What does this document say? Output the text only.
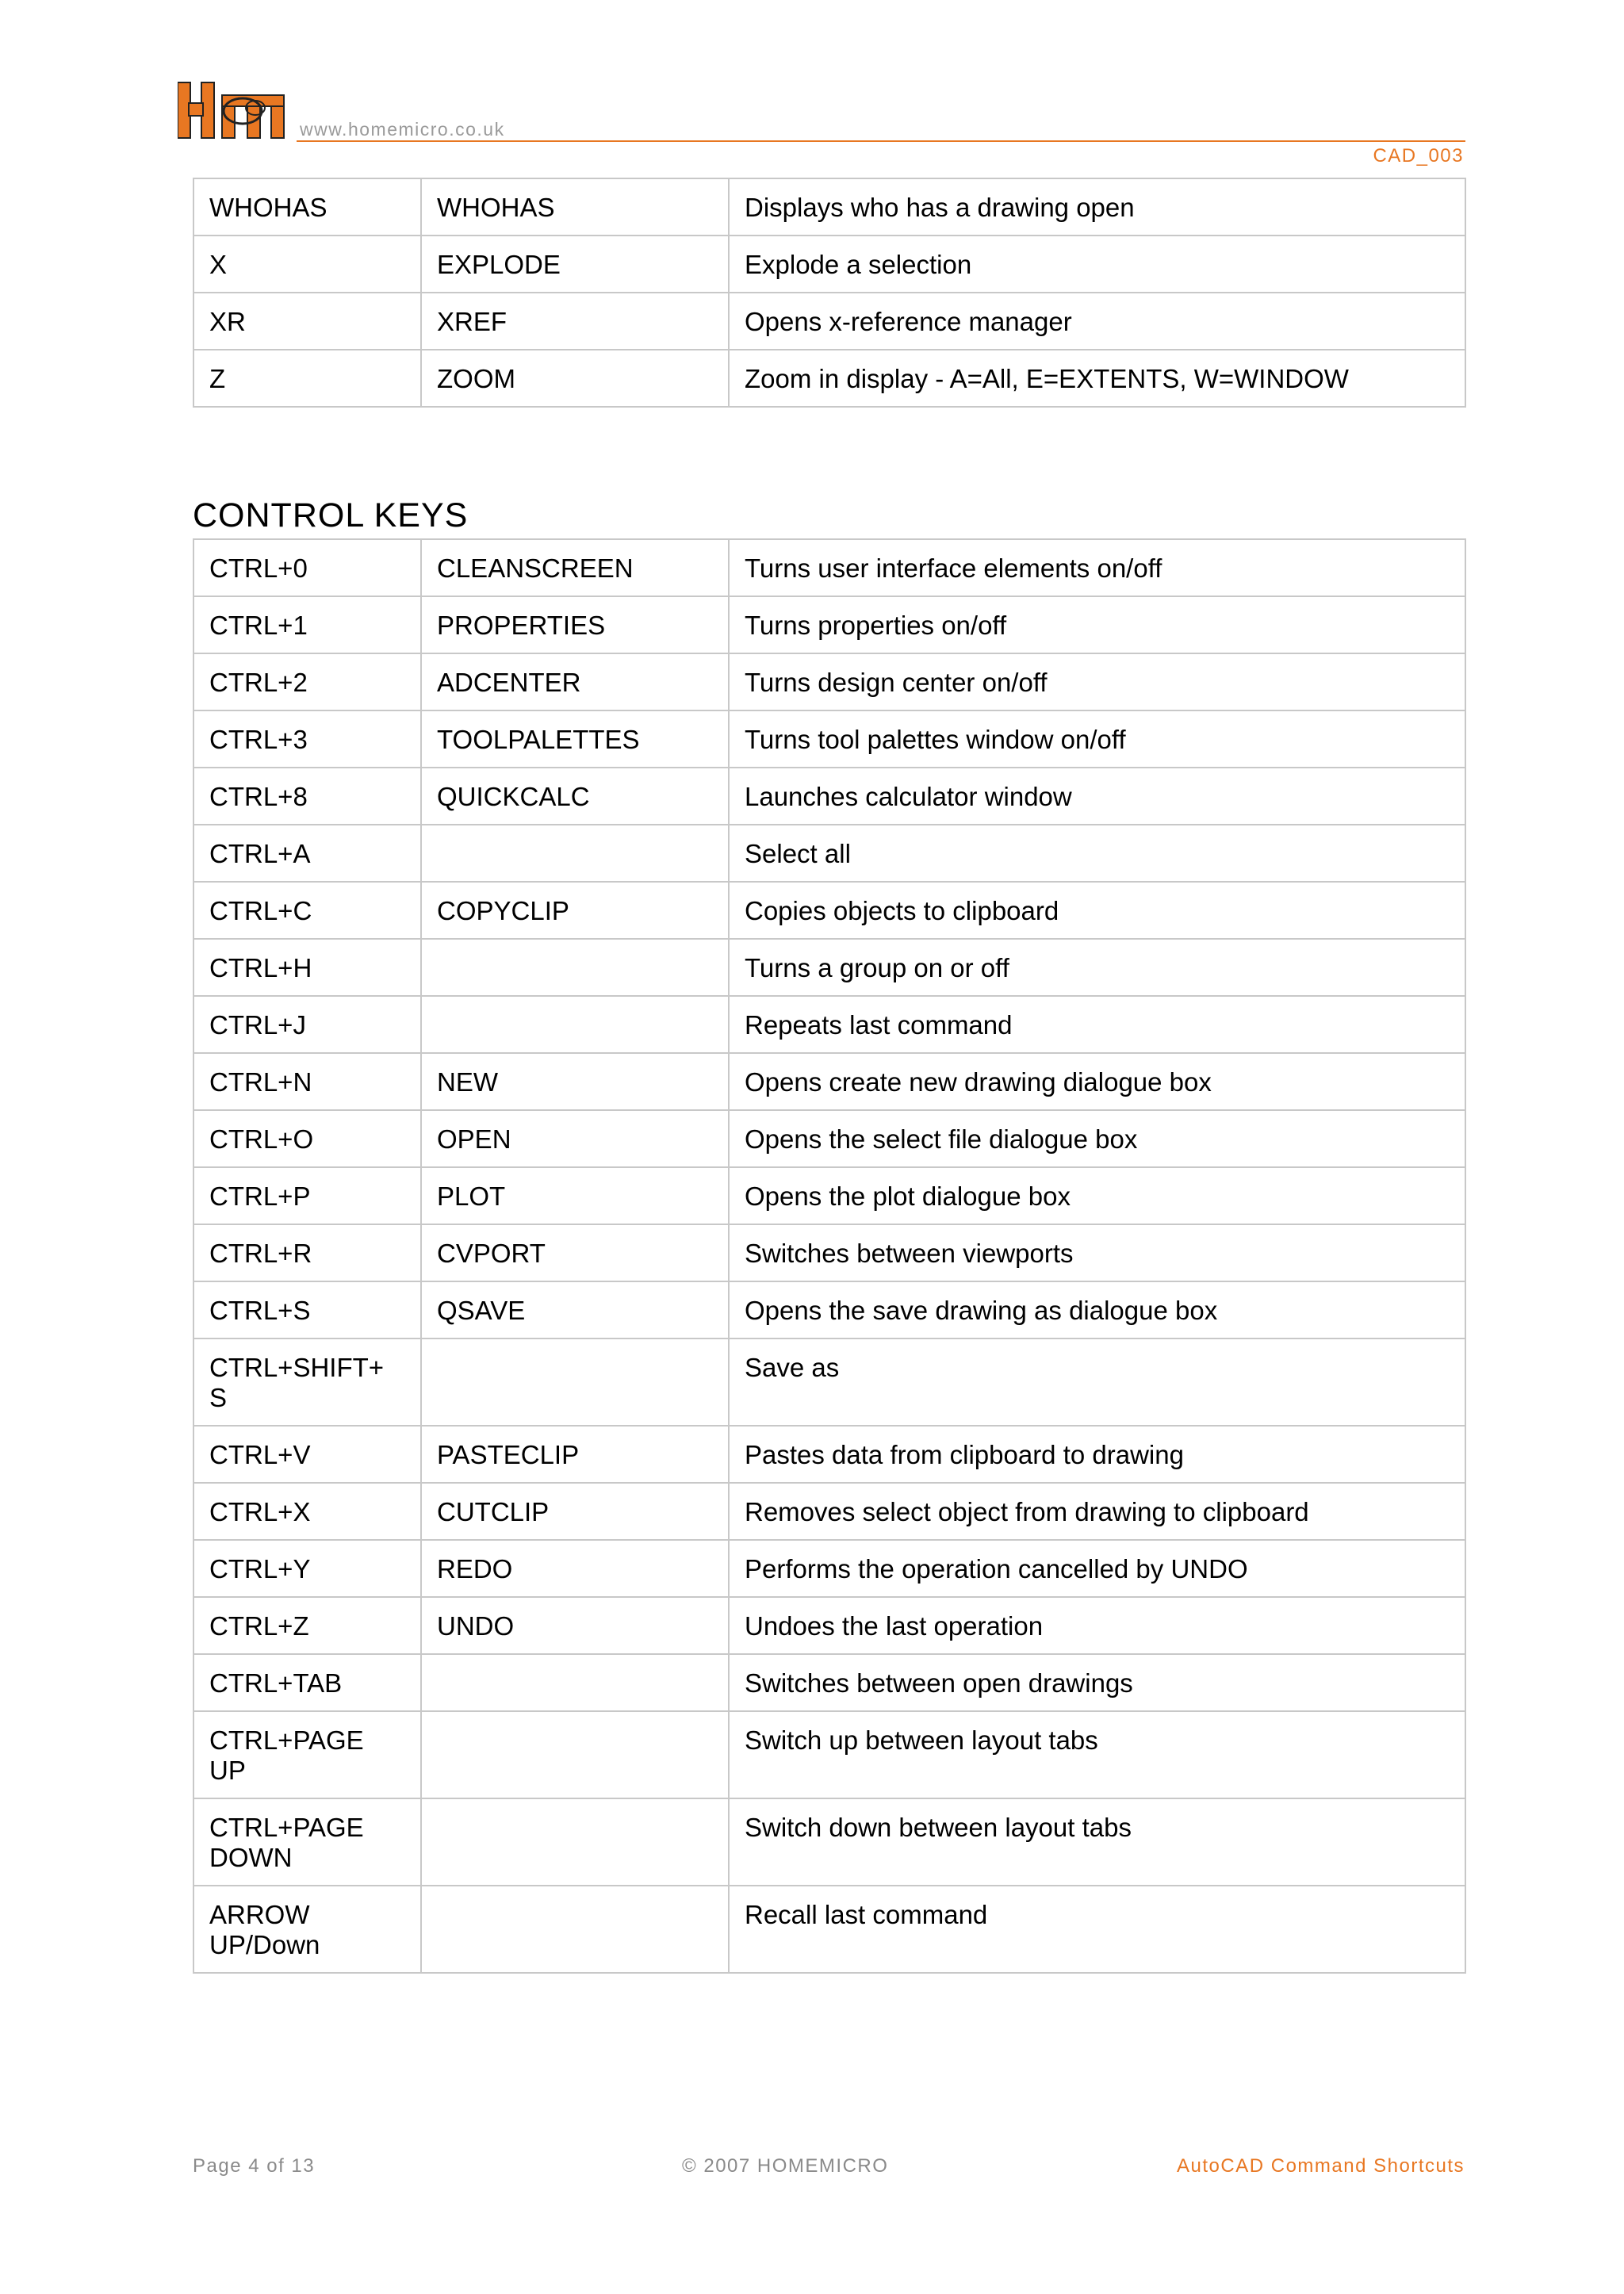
www.homemicro.co.uk
CAD_003
WHOHAS	WHOHAS	Displays who has a drawing open
X	EXPLODE	Explode a selection
XR	XREF	Opens x-reference manager
Z	ZOOM	Zoom in display - A=All, E=EXTENTS, W=WINDOW
CONTROL KEYS
CTRL+0	CLEANSCREEN	Turns user interface elements on/off
CTRL+1	PROPERTIES	Turns properties on/off
CTRL+2	ADCENTER	Turns design center on/off
CTRL+3	TOOLPALETTES	Turns tool palettes window on/off
CTRL+8	QUICKCALC	Launches calculator window
CTRL+A		Select all
CTRL+C	COPYCLIP	Copies objects to clipboard
CTRL+H		Turns a group on or off
CTRL+J		Repeats last command
CTRL+N	NEW	Opens create new drawing dialogue box
CTRL+O	OPEN	Opens the select file dialogue box
CTRL+P	PLOT	Opens the plot dialogue box
CTRL+R	CVPORT	Switches between viewports
CTRL+S	QSAVE	Opens the save drawing as dialogue box
CTRL+SHIFT+
S		Save as
CTRL+V	PASTECLIP	Pastes data from clipboard to drawing
CTRL+X	CUTCLIP	Removes select object from drawing to clipboard
CTRL+Y	REDO	Performs the operation cancelled by UNDO
CTRL+Z	UNDO	Undoes the last operation
CTRL+TAB		Switches between open drawings
CTRL+PAGE
UP		Switch up between layout tabs
CTRL+PAGE
DOWN		Switch down between layout tabs
ARROW
UP/Down		Recall last command
Page 4 of 13	© 2007 HOMEMICRO	AutoCAD Command Shortcuts
